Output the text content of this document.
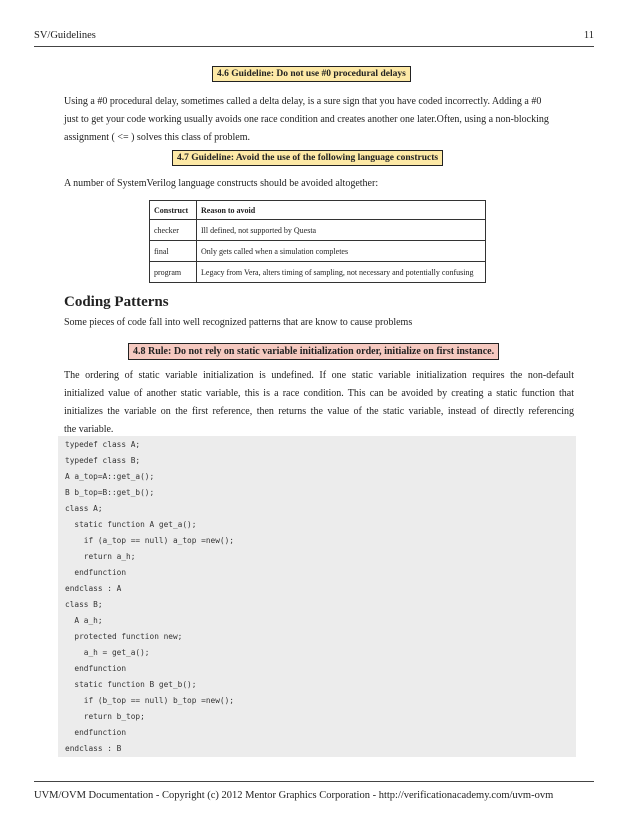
SV/Guidelines	11
4.6 Guideline: Do not use #0 procedural delays
Using a #0 procedural delay, sometimes called a delta delay, is a sure sign that you have coded incorrectly. Adding a #0
just to get your code working usually avoids one race condition and creates another one later.Often, using a non-blocking
assignment ( <= ) solves this class of problem.
4.7 Guideline: Avoid the use of the following language constructs
A number of SystemVerilog language constructs should be avoided altogether:
Construct	Reason to avoid
checker	Ill defined, not supported by Questa
final	Only gets called when a simulation completes
program	Legacy from Vera, alters timing of sampling, not necessary and potentially confusing
Coding Patterns
Some pieces of code fall into well recognized patterns that are know to cause problems
4.8 Rule: Do not rely on static variable initialization order, initialize on first instance.
The ordering of static variable initialization is undefined. If one static variable initialization requires the non-default
initialized value of another static variable, this is a race condition. This can be avoided by creating a static function that
initializes the variable on the first reference, then returns the value of the static variable, instead of directly referencing
the variable.
typedef class A;
typedef class B;
A a_top=A::get_a();
B b_top=B::get_b();
class A;
static function A get_a();
if (a_top == null) a_top =new();
return a_h;
endfunction
endclass : A
class B;
A a_h;
protected function new;
a_h = get_a();
endfunction
static function B get_b();
if (b_top == null) b_top =new();
return b_top;
endfunction
endclass : B
UVM/OVM Documentation - Copyright (c) 2012 Mentor Graphics Corporation - http://verificationacademy.com/uvm-ovm
